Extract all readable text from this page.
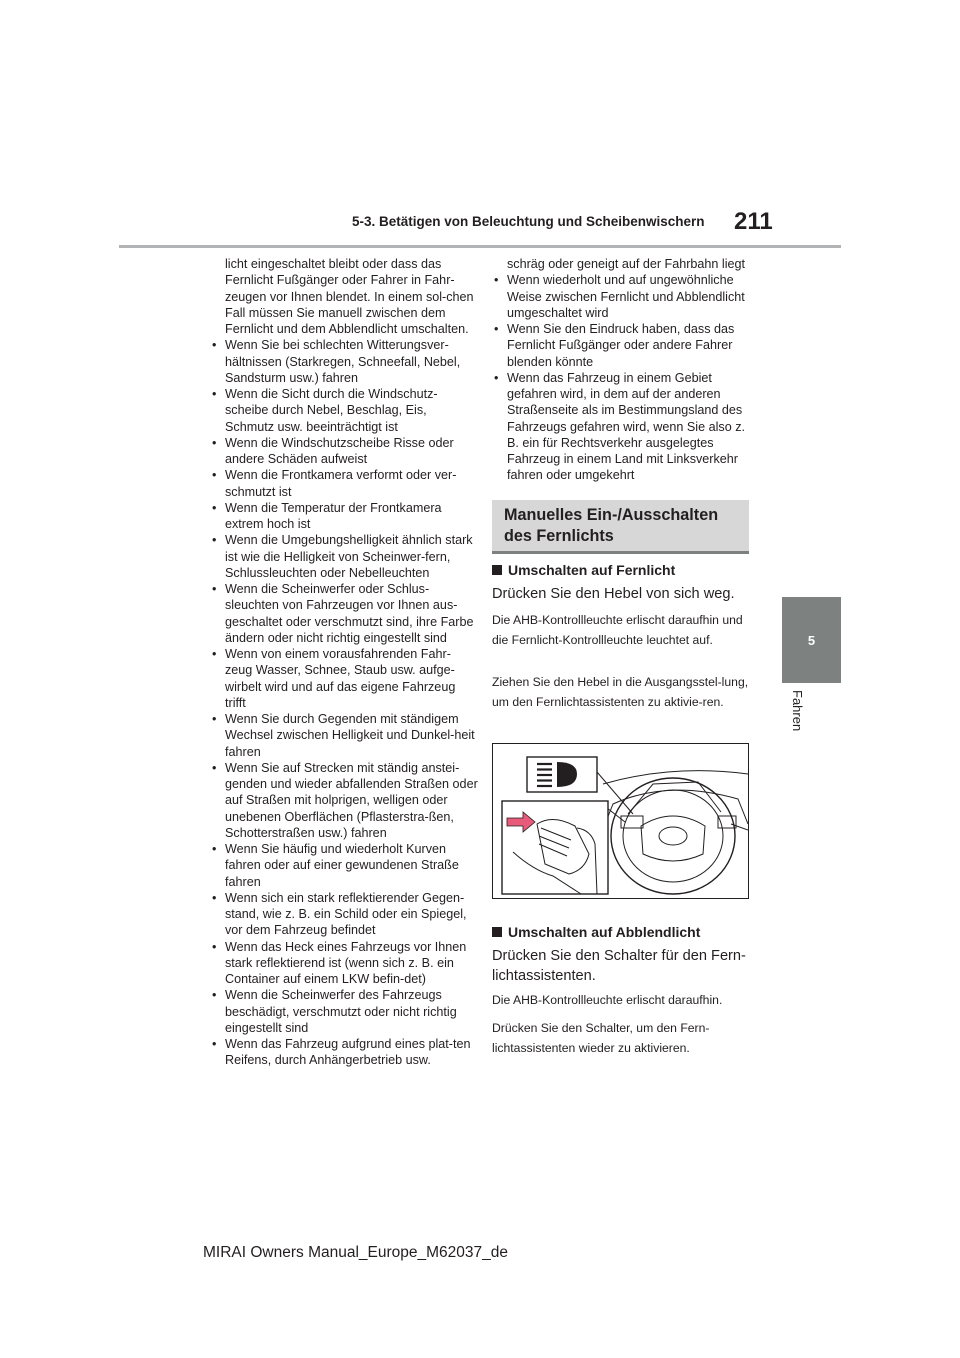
5-3. Betätigen von Beleuchtung und Scheibenwischern	211
5
Fahren

licht eingeschaltet bleibt oder dass das Fernlicht Fußgänger oder Fahrer in Fahr-zeugen vor Ihnen blendet. In einem sol-chen Fall müssen Sie manuell zwischen dem Fernlicht und dem Abblendlicht umschalten.

• Wenn Sie bei schlechten Witterungsver-hältnissen (Starkregen, Schneefall, Nebel, Sandsturm usw.) fahren
• Wenn die Sicht durch die Windschutz-scheibe durch Nebel, Beschlag, Eis, Schmutz usw. beeinträchtigt ist
• Wenn die Windschutzscheibe Risse oder andere Schäden aufweist
• Wenn die Frontkamera verformt oder ver-schmutzt ist
• Wenn die Temperatur der Frontkamera extrem hoch ist
• Wenn die Umgebungshelligkeit ähnlich stark ist wie die Helligkeit von Scheinwer-fern, Schlussleuchten oder Nebelleuchten
• Wenn die Scheinwerfer oder Schlus-sleuchten von Fahrzeugen vor Ihnen aus-geschaltet oder verschmutzt sind, ihre Farbe ändern oder nicht richtig eingestellt sind
• Wenn von einem vorausfahrenden Fahr-zeug Wasser, Schnee, Staub usw. aufge-wirbelt wird und auf das eigene Fahrzeug trifft
• Wenn Sie durch Gegenden mit ständigem Wechsel zwischen Helligkeit und Dunkel-heit fahren
• Wenn Sie auf Strecken mit ständig anstei-genden und wieder abfallenden Straßen oder auf Straßen mit holprigen, welligen oder unebenen Oberflächen (Pflasterstra-ßen, Schotterstraßen usw.) fahren
• Wenn Sie häufig und wiederholt Kurven fahren oder auf einer gewundenen Straße fahren
• Wenn sich ein stark reflektierender Gegen-stand, wie z. B. ein Schild oder ein Spiegel, vor dem Fahrzeug befindet
• Wenn das Heck eines Fahrzeugs vor Ihnen stark reflektierend ist (wenn sich z. B. ein Container auf einem LKW befin-det)
• Wenn die Scheinwerfer des Fahrzeugs beschädigt, verschmutzt oder nicht richtig eingestellt sind
• Wenn das Fahrzeug aufgrund eines plat-ten Reifens, durch Anhängerbetrieb usw.

schräg oder geneigt auf der Fahrbahn liegt

• Wenn wiederholt und auf ungewöhnliche Weise zwischen Fernlicht und Abblendlicht umgeschaltet wird
• Wenn Sie den Eindruck haben, dass das Fernlicht Fußgänger oder andere Fahrer blenden könnte
• Wenn das Fahrzeug in einem Gebiet gefahren wird, in dem auf der anderen Straßenseite als im Bestimmungsland des Fahrzeugs gefahren wird, wenn Sie also z. B. ein für Rechtsverkehr ausgelegtes Fahrzeug in einem Land mit Linksverkehr fahren oder umgekehrt

Manuelles Ein-/Ausschalten des Fernlichts

Umschalten auf Fernlicht

Drücken Sie den Hebel von sich weg.

Die AHB-Kontrollleuchte erlischt daraufhin und die Fernlicht-Kontrollleuchte leuchtet auf.

Ziehen Sie den Hebel in die Ausgangsstel-lung, um den Fernlichtassistenten zu aktivie-ren.

Umschalten auf Abblendlicht

Drücken Sie den Schalter für den Fern-lichtassistenten.

Die AHB-Kontrollleuchte erlischt daraufhin.

Drücken Sie den Schalter, um den Fern-lichtassistenten wieder zu aktivieren.

MIRAI Owners Manual_Europe_M62037_de
